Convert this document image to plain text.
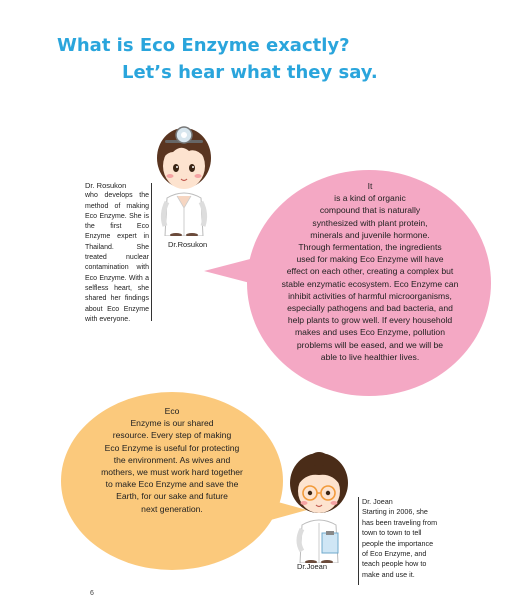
What is Eco Enzyme exactly?
Let’s hear what they say.
Dr.Rosukon
Dr. Rosukon
who develops the method of making Eco Enzyme. She is the first Eco Enzyme expert in Thailand. She treated nuclear contamination with Eco Enzyme. With a selfless heart, she shared her findings about Eco Enzyme with everyone.
It
is a kind of organic
compound that is naturally
synthesized with plant protein,
minerals and juvenile hormone.
Through fermentation, the ingredients
used for making Eco Enzyme will have
effect on each other, creating a complex but
stable enzymatic ecosystem. Eco Enzyme can
inhibit activities of harmful microorganisms,
especially pathogens and bad bacteria, and
help plants to grow well. If every household
makes and uses Eco Enzyme, pollution
problems will be eased, and we will be
able to live healthier lives.
Eco
Enzyme is our shared
resource. Every step of making
Eco Enzyme is useful for protecting
the environment. As wives and
mothers, we must work hard together
to make Eco Enzyme and save the
Earth, for our sake and future
next generation.
Dr.Joean
Dr. Joean
Starting in 2006, she
has been traveling from
town to town to tell
people the importance
of Eco Enzyme, and
teach people how to
make and use it.
6
